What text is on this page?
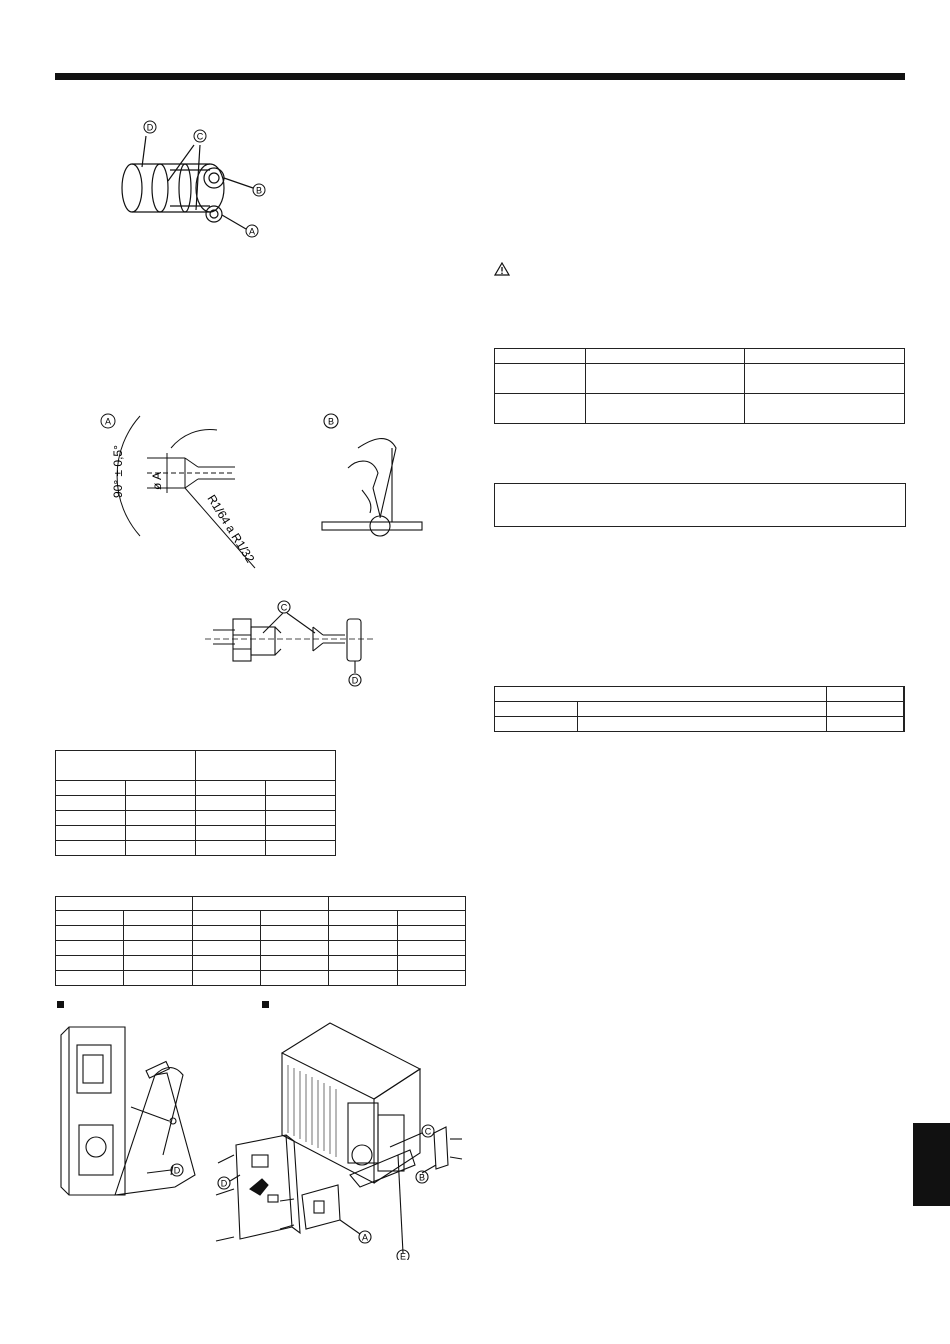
D
C
B
A
A
90° ± 0,5° ø A
R1/64 a R1/32
B
C
D

D
C
D
B
A
E
